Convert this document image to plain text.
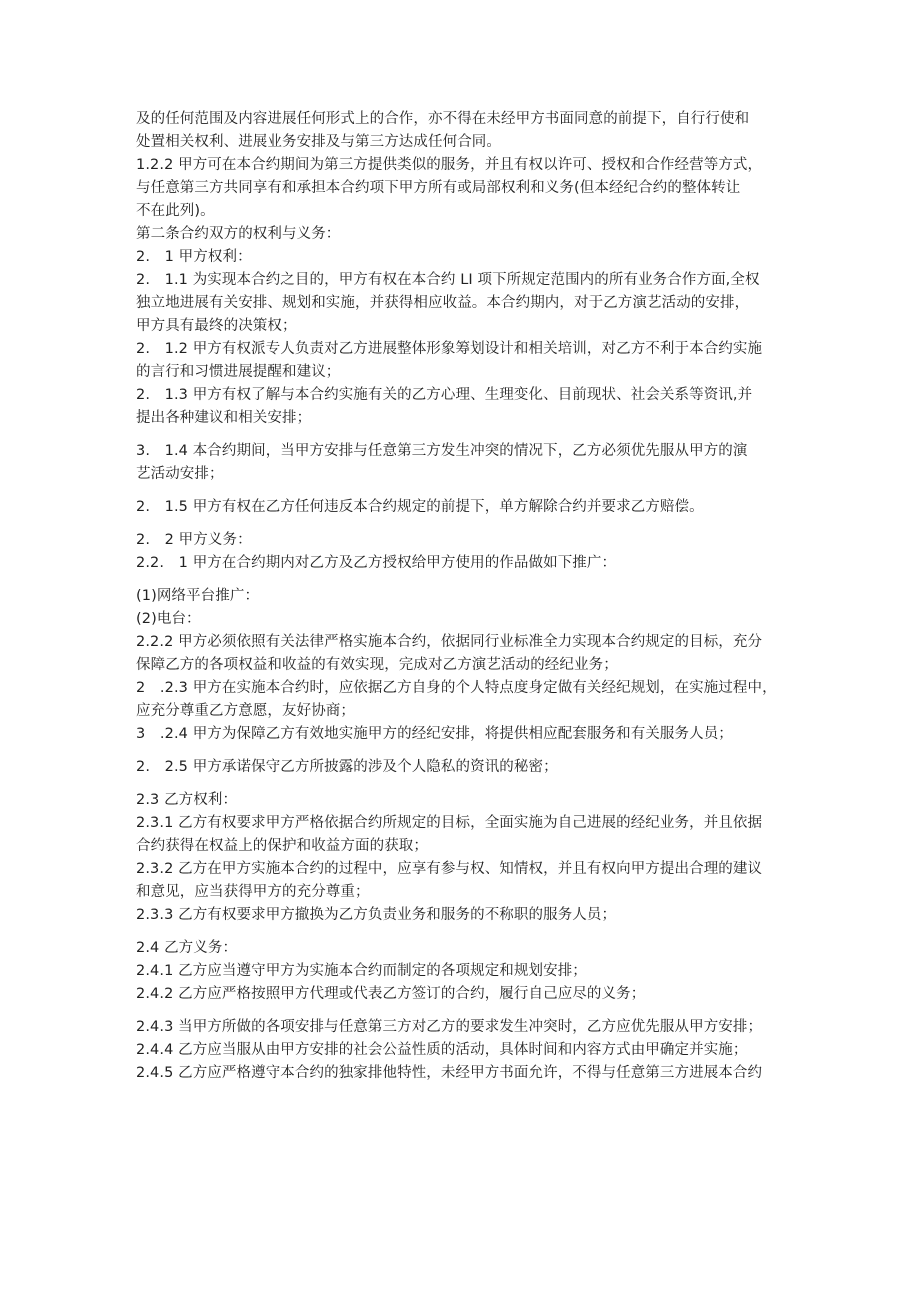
及的任何范围及内容进展任何形式上的合作，亦不得在未经甲方书面同意的前提下，自行行使和
处置相关权利、进展业务安排及与第三方达成任何合同。
1.2.2 甲方可在本合约期间为第三方提供类似的服务，并且有权以许可、授权和合作经营等方式，
与任意第三方共同享有和承担本合约项下甲方所有或局部权利和义务(但本经纪合约的整体转让
不在此列)。
第二条合约双方的权利与义务：
2.　1 甲方权利：
2.　1.1 为实现本合约之目的，甲方有权在本合约 LI 项下所规定范围内的所有业务合作方面,全权
独立地进展有关安排、规划和实施，并获得相应收益。本合约期内，对于乙方演艺活动的安排，
甲方具有最终的决策权；
2.　1.2 甲方有权派专人负责对乙方进展整体形象筹划设计和相关培训，对乙方不利于本合约实施
的言行和习惯进展提醒和建议；
2.　1.3 甲方有权了解与本合约实施有关的乙方心理、生理变化、目前现状、社会关系等资讯,并
提出各种建议和相关安排；
3.　1.4 本合约期间，当甲方安排与任意第三方发生冲突的情况下，乙方必须优先服从甲方的演
艺活动安排；
2.　1.5 甲方有权在乙方任何违反本合约规定的前提下，单方解除合约并要求乙方赔偿。
2.　2 甲方义务：
2.2.　1 甲方在合约期内对乙方及乙方授权给甲方使用的作品做如下推广：
(1)网络平台推广：
(2)电台：
2.2.2 甲方必须依照有关法律严格实施本合约，依据同行业标准全力实现本合约规定的目标，充分
保障乙方的各项权益和收益的有效实现，完成对乙方演艺活动的经纪业务；
2　.2.3 甲方在实施本合约时，应依据乙方自身的个人特点度身定做有关经纪规划，在实施过程中，
应充分尊重乙方意愿，友好协商；
3　.2.4 甲方为保障乙方有效地实施甲方的经纪安排，将提供相应配套服务和有关服务人员；
2.　2.5 甲方承诺保守乙方所披露的涉及个人隐私的资讯的秘密；
2.3 乙方权利：
2.3.1 乙方有权要求甲方严格依据合约所规定的目标，全面实施为自己进展的经纪业务，并且依据
合约获得在权益上的保护和收益方面的获取；
2.3.2 乙方在甲方实施本合约的过程中，应享有参与权、知情权，并且有权向甲方提出合理的建议
和意见，应当获得甲方的充分尊重；
2.3.3 乙方有权要求甲方撤换为乙方负责业务和服务的不称职的服务人员；
2.4 乙方义务：
2.4.1 乙方应当遵守甲方为实施本合约而制定的各项规定和规划安排；
2.4.2 乙方应严格按照甲方代理或代表乙方签订的合约，履行自己应尽的义务；
2.4.3 当甲方所做的各项安排与任意第三方对乙方的要求发生冲突时，乙方应优先服从甲方安排；
2.4.4 乙方应当服从由甲方安排的社会公益性质的活动，具体时间和内容方式由甲确定并实施；
2.4.5 乙方应严格遵守本合约的独家排他特性，未经甲方书面允许，不得与任意第三方进展本合约
